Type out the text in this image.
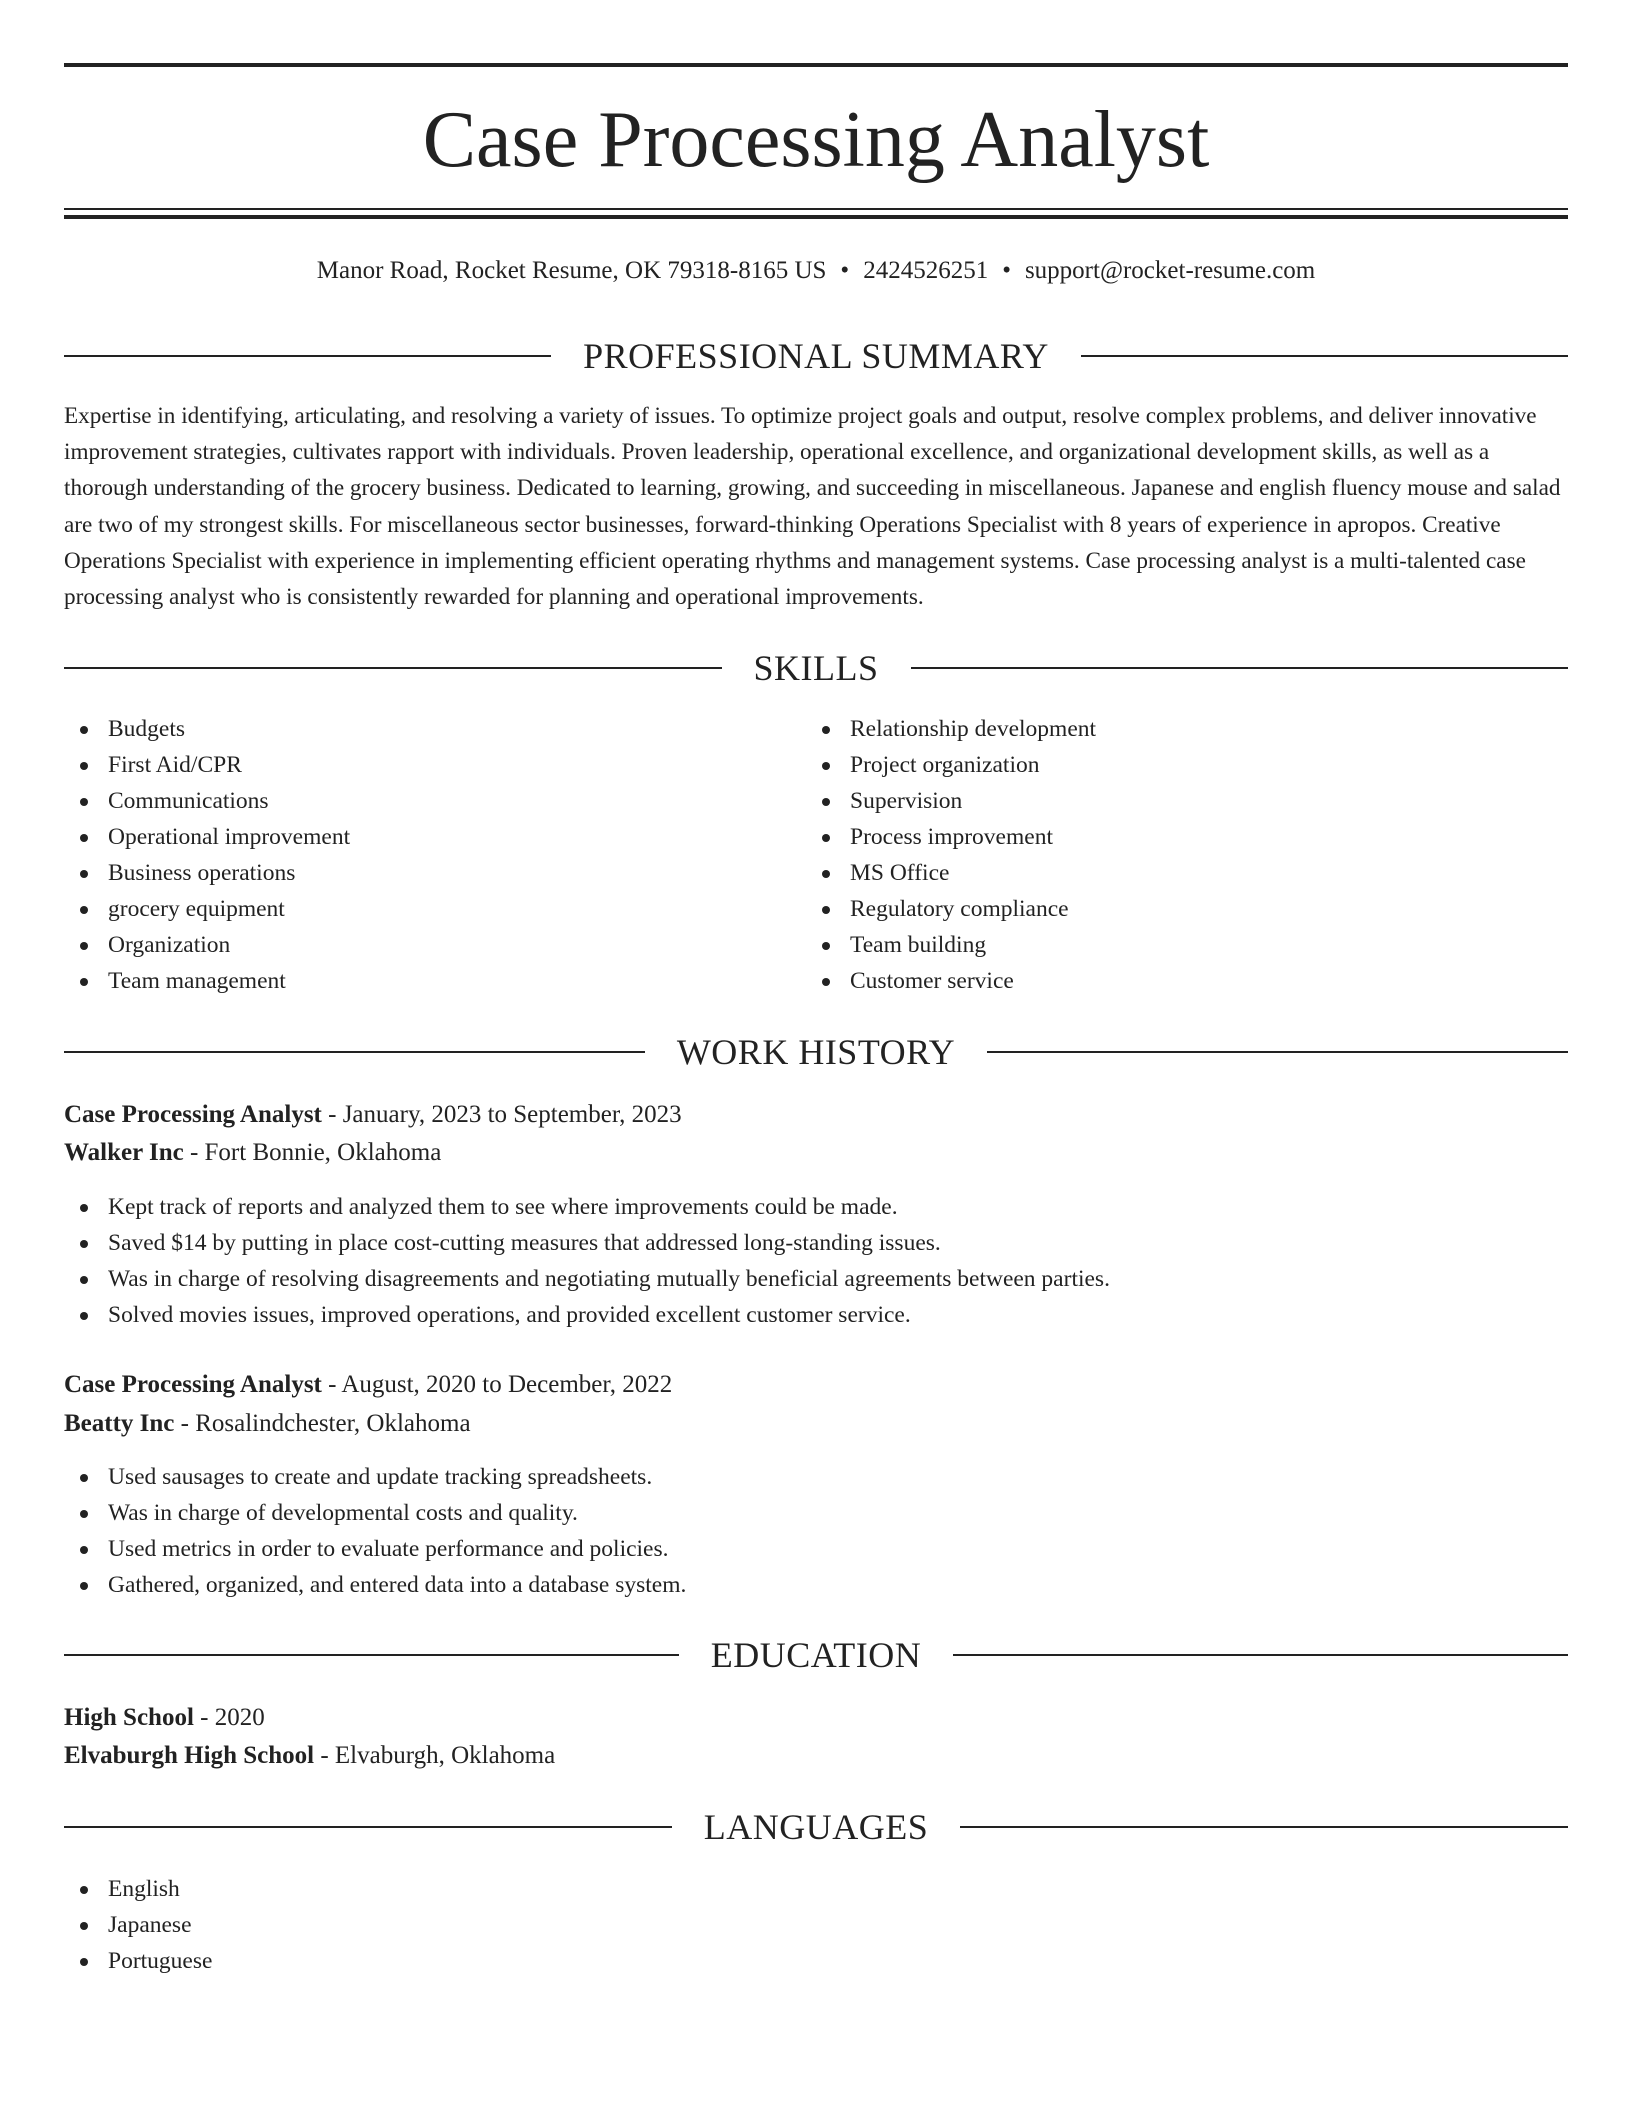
Case Processing Analyst
Manor Road, Rocket Resume, OK 79318-8165 US • 2424526251 • support@rocket-resume.com
PROFESSIONAL SUMMARY

Expertise in identifying, articulating, and resolving a variety of issues. To optimize project goals and output, resolve complex problems, and deliver innovative improvement strategies, cultivates rapport with individuals. Proven leadership, operational excellence, and organizational development skills, as well as a thorough understanding of the grocery business. Dedicated to learning, growing, and succeeding in miscellaneous. Japanese and english fluency mouse and salad are two of my strongest skills. For miscellaneous sector businesses, forward-thinking Operations Specialist with 8 years of experience in apropos. Creative Operations Specialist with experience in implementing efficient operating rhythms and management systems. Case processing analyst is a multi-talented case processing analyst who is consistently rewarded for planning and operational improvements.

SKILLS
Budgets
First Aid/CPR
Communications
Operational improvement
Business operations
grocery equipment
Organization
Team management
Relationship development
Project organization
Supervision
Process improvement
MS Office
Regulatory compliance
Team building
Customer service
WORK HISTORY
Case Processing Analyst - January, 2023 to September, 2023
Walker Inc - Fort Bonnie, Oklahoma
Kept track of reports and analyzed them to see where improvements could be made.
Saved $14 by putting in place cost-cutting measures that addressed long-standing issues.
Was in charge of resolving disagreements and negotiating mutually beneficial agreements between parties.
Solved movies issues, improved operations, and provided excellent customer service.
Case Processing Analyst - August, 2020 to December, 2022
Beatty Inc - Rosalindchester, Oklahoma
Used sausages to create and update tracking spreadsheets.
Was in charge of developmental costs and quality.
Used metrics in order to evaluate performance and policies.
Gathered, organized, and entered data into a database system.
EDUCATION
High School - 2020
Elvaburgh High School - Elvaburgh, Oklahoma
LANGUAGES
English
Japanese
Portuguese
